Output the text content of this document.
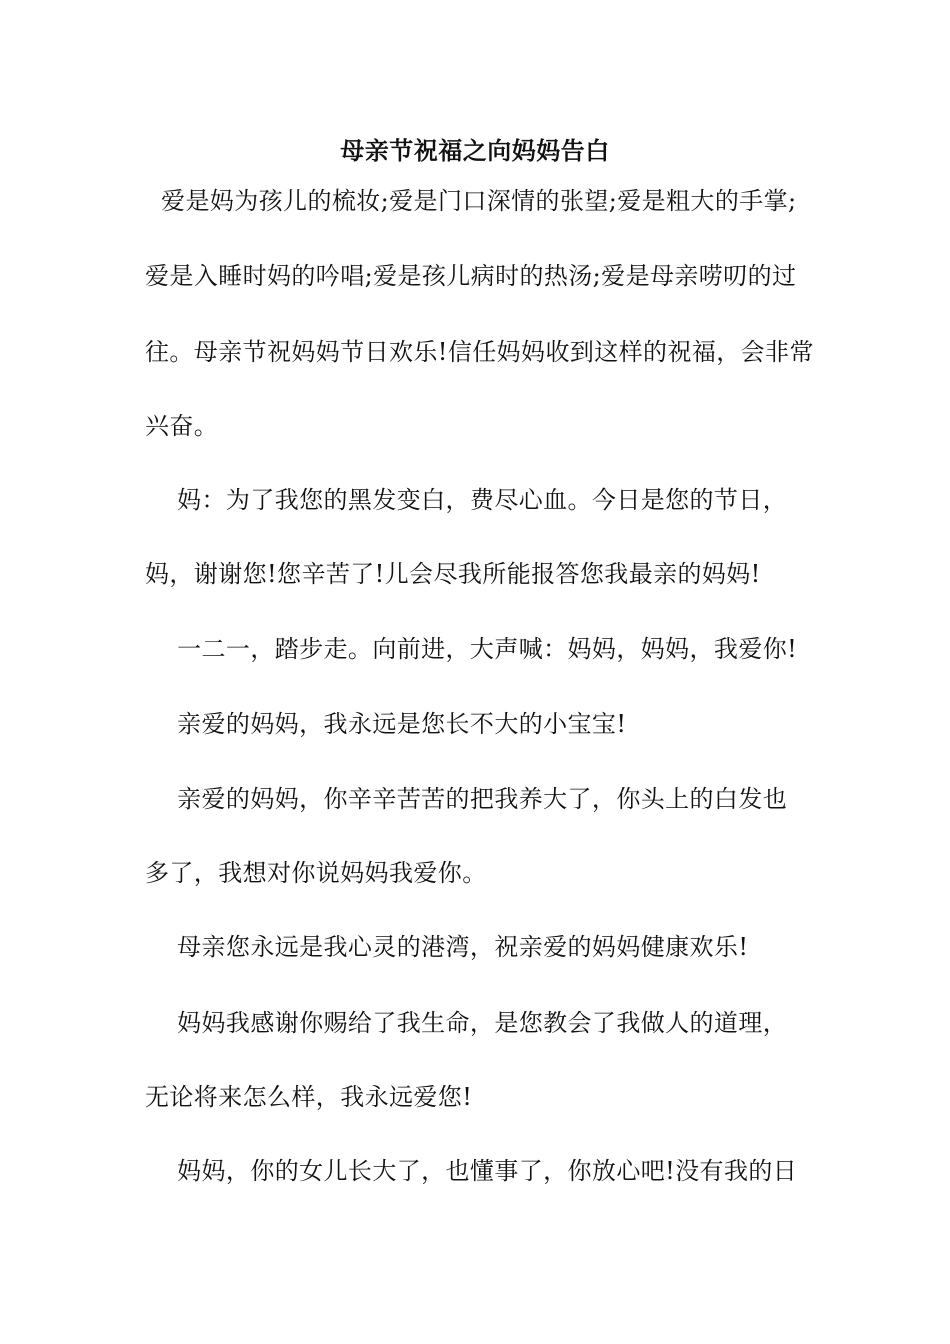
母亲节祝福之向妈妈告白

爱是妈为孩儿的梳妆;爱是门口深情的张望;爱是粗大的手掌;

爱是入睡时妈的吟唱;爱是孩儿病时的热汤;爱是母亲唠叨的过

往。母亲节祝妈妈节日欢乐!信任妈妈收到这样的祝福，会非常

兴奋。

妈：为了我您的黑发变白，费尽心血。今日是您的节日，

妈，谢谢您!您辛苦了!儿会尽我所能报答您我最亲的妈妈!

一二一，踏步走。向前进，大声喊：妈妈，妈妈，我爱你!

亲爱的妈妈，我永远是您长不大的小宝宝!

亲爱的妈妈，你辛辛苦苦的把我养大了，你头上的白发也

多了，我想对你说妈妈我爱你。

母亲您永远是我心灵的港湾，祝亲爱的妈妈健康欢乐!

妈妈我感谢你赐给了我生命，是您教会了我做人的道理，

无论将来怎么样，我永远爱您!

妈妈，你的女儿长大了，也懂事了，你放心吧!没有我的日
